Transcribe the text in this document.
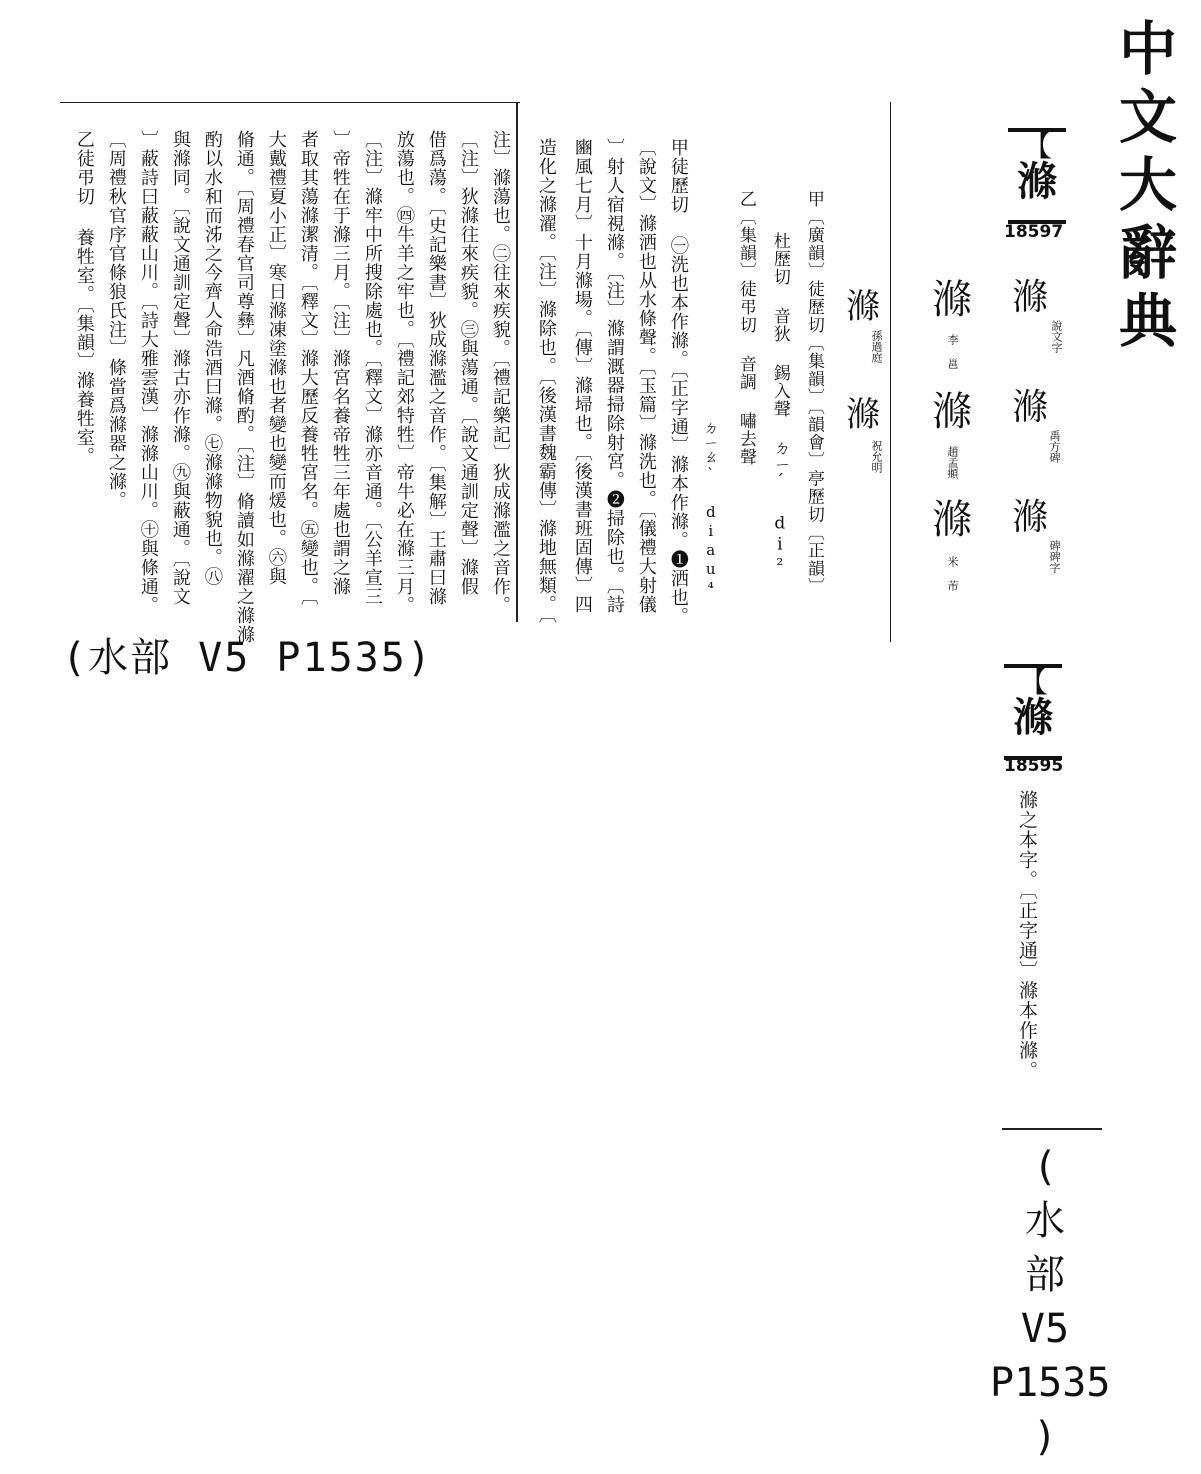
中文大辭典
【
滌
18597
滌
說文字
滌
禹方碑
滌
碑碑字
滌
李 邕
滌
趙孟頫
滌
米 芾
滌
孫過庭
滌
祝允明
甲〔廣韻〕徒歷切〔集韻〕〔韻會〕亭歷切〔正韻〕
杜歷切 音狄 錫入聲 ㄉㄧˊ di²
乙〔集韻〕徒弔切 音調 嘯去聲
ㄉㄧㄠˋ diau⁴
甲徒歷切 ㊀洗也本作滌。〔正字通〕滌本作滌。❶洒也。
〔說文〕滌洒也从水條聲。〔玉篇〕滌洗也。〔儀禮大射儀
〕射人宿視滌。〔注〕滌謂溉器掃除射宮。❷掃除也。〔詩
豳風七月〕十月滌場。〔傳〕滌埽也。〔後漢書班固傳〕四
造化之滌濯。〔注〕滌除也。〔後漢書魏霸傳〕滌地無類。〔
注〕滌蕩也。㊁往來疾貌。〔禮記樂記〕狄成滌濫之音作。
〔注〕狄滌往來疾貌。㊂與蕩通。〔說文通訓定聲〕滌假
借爲蕩。〔史記樂書〕狄成滌濫之音作。〔集解〕王肅曰滌
放蕩也。㊃牛羊之牢也。〔禮記郊特牲〕帝牛必在滌三月。
〔注〕滌牢中所搜除處也。〔釋文〕滌亦音通。〔公羊宣三
〕帝牲在于滌三月。〔注〕滌宮名養帝牲三年處也謂之滌
者取其蕩滌潔清。〔釋文〕滌大歷反養牲宮名。㊄變也。〔
大戴禮夏小正〕寒日滌凍塗滌也者變也變而煖也。㊅與
脩通。〔周禮春官司尊彝〕凡酒脩酌。〔注〕脩讀如滌濯之滌滌
酌以水和而泲之今齊人命浩酒曰滌。㊆滌滌物貌也。㊇
與滌同。〔說文通訓定聲〕滌古亦作滌。㊈與蔽通。〔說文
〕蔽詩曰蔽蔽山川。〔詩大雅雲漢〕滌滌山川。㊉與條通。
〔周禮秋官序官條狼氏注〕條當爲滌器之滌。
乙徒弔切 養牲室。〔集韻〕滌養牲室。
(水部 V5 P1535)
【
滌
18595
滌之本字。〔正字通〕滌本作滌。
(
水
部
V5
P1535
)
